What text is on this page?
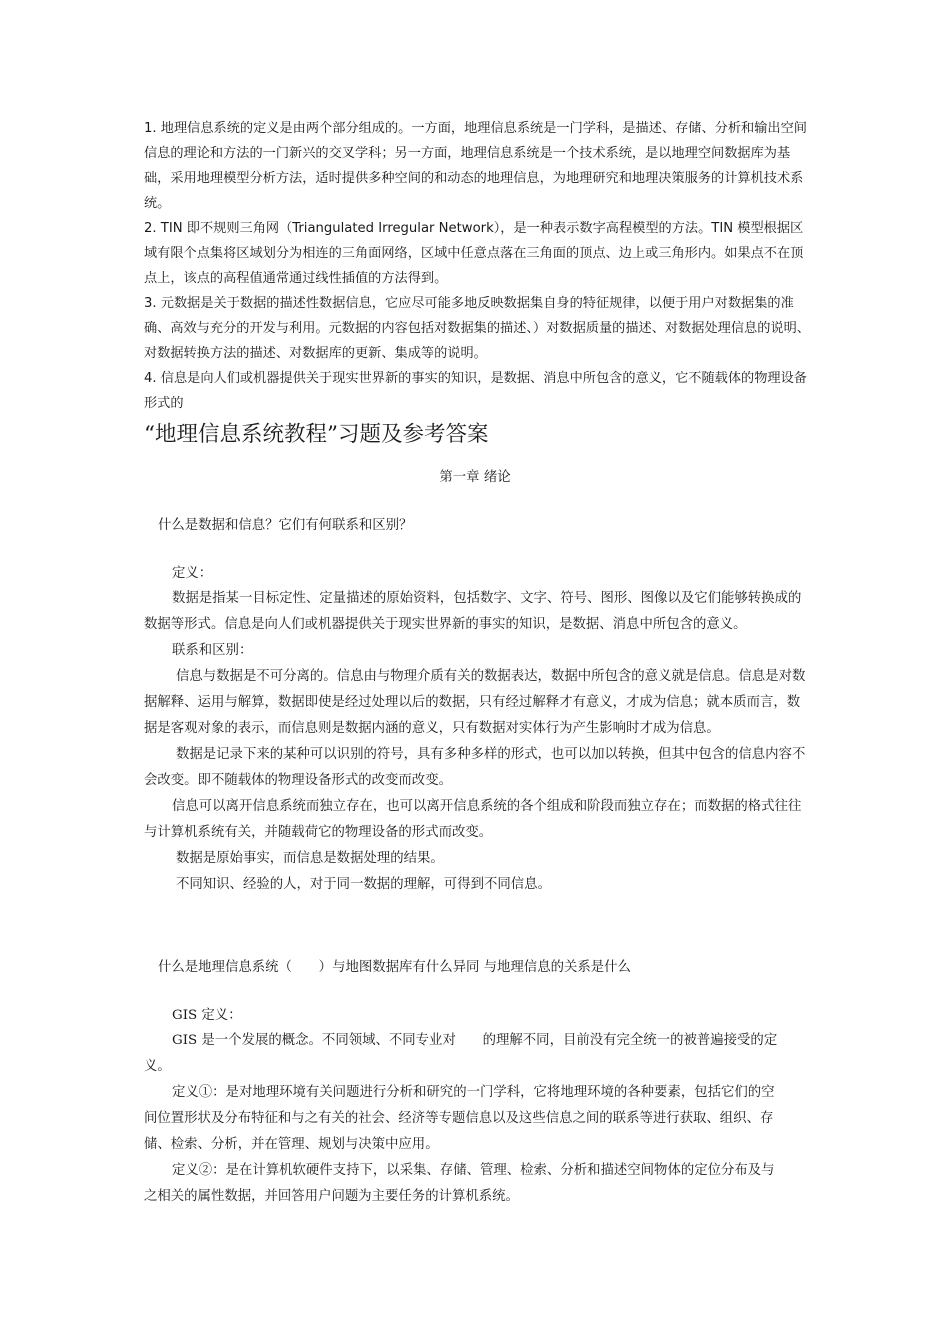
1. 地理信息系统的定义是由两个部分组成的。一方面，地理信息系统是一门学科，是描述、存储、分析和输出空间信息的理论和方法的一门新兴的交叉学科；另一方面，地理信息系统是一个技术系统，是以地理空间数据库为基础，采用地理模型分析方法，适时提供多种空间的和动态的地理信息，为地理研究和地理决策服务的计算机技术系统。

2. TIN 即不规则三角网（Triangulated Irregular Network），是一种表示数字高程模型的方法。TIN 模型根据区域有限个点集将区域划分为相连的三角面网络，区域中任意点落在三角面的顶点、边上或三角形内。如果点不在顶点上，该点的高程值通常通过线性插值的方法得到。

3. 元数据是关于数据的描述性数据信息，它应尽可能多地反映数据集自身的特征规律，以便于用户对数据集的准确、高效与充分的开发与利用。元数据的内容包括对数据集的描述、）对数据质量的描述、对数据处理信息的说明、对数据转换方法的描述、对数据库的更新、集成等的说明。

4. 信息是向人们或机器提供关于现实世界新的事实的知识，是数据、消息中所包含的意义，它不随载体的物理设备形式的

“地理信息系统教程”习题及参考答案
第一章 绪论

什么是数据和信息？它们有何联系和区别？

定义：

数据是指某一目标定性、定量描述的原始资料，包括数字、文字、符号、图形、图像以及它们能够转换成的数据等形式。信息是向人们或机器提供关于现实世界新的事实的知识，是数据、消息中所包含的意义。

联系和区别：

信息与数据是不可分离的。信息由与物理介质有关的数据表达，数据中所包含的意义就是信息。信息是对数据解释、运用与解算，数据即使是经过处理以后的数据，只有经过解释才有意义，才成为信息；就本质而言，数据是客观对象的表示，而信息则是数据内涵的意义，只有数据对实体行为产生影响时才成为信息。

数据是记录下来的某种可以识别的符号，具有多种多样的形式，也可以加以转换，但其中包含的信息内容不会改变。即不随载体的物理设备形式的改变而改变。

信息可以离开信息系统而独立存在，也可以离开信息系统的各个组成和阶段而独立存在；而数据的格式往往与计算机系统有关，并随载荷它的物理设备的形式而改变。

数据是原始事实，而信息是数据处理的结果。

不同知识、经验的人，对于同一数据的理解，可得到不同信息。

什么是地理信息系统（　　）与地图数据库有什么异同 与地理信息的关系是什么

GIS 定义：

GIS 是一个发展的概念。不同领域、不同专业对　　的理解不同，目前没有完全统一的被普遍接受的定义。

定义①：是对地理环境有关问题进行分析和研究的一门学科，它将地理环境的各种要素，包括它们的空间位置形状及分布特征和与之有关的社会、经济等专题信息以及这些信息之间的联系等进行获取、组织、存储、检索、分析，并在管理、规划与决策中应用。

定义②：是在计算机软硬件支持下，以采集、存储、管理、检索、分析和描述空间物体的定位分布及与之相关的属性数据，并回答用户问题为主要任务的计算机系统。
